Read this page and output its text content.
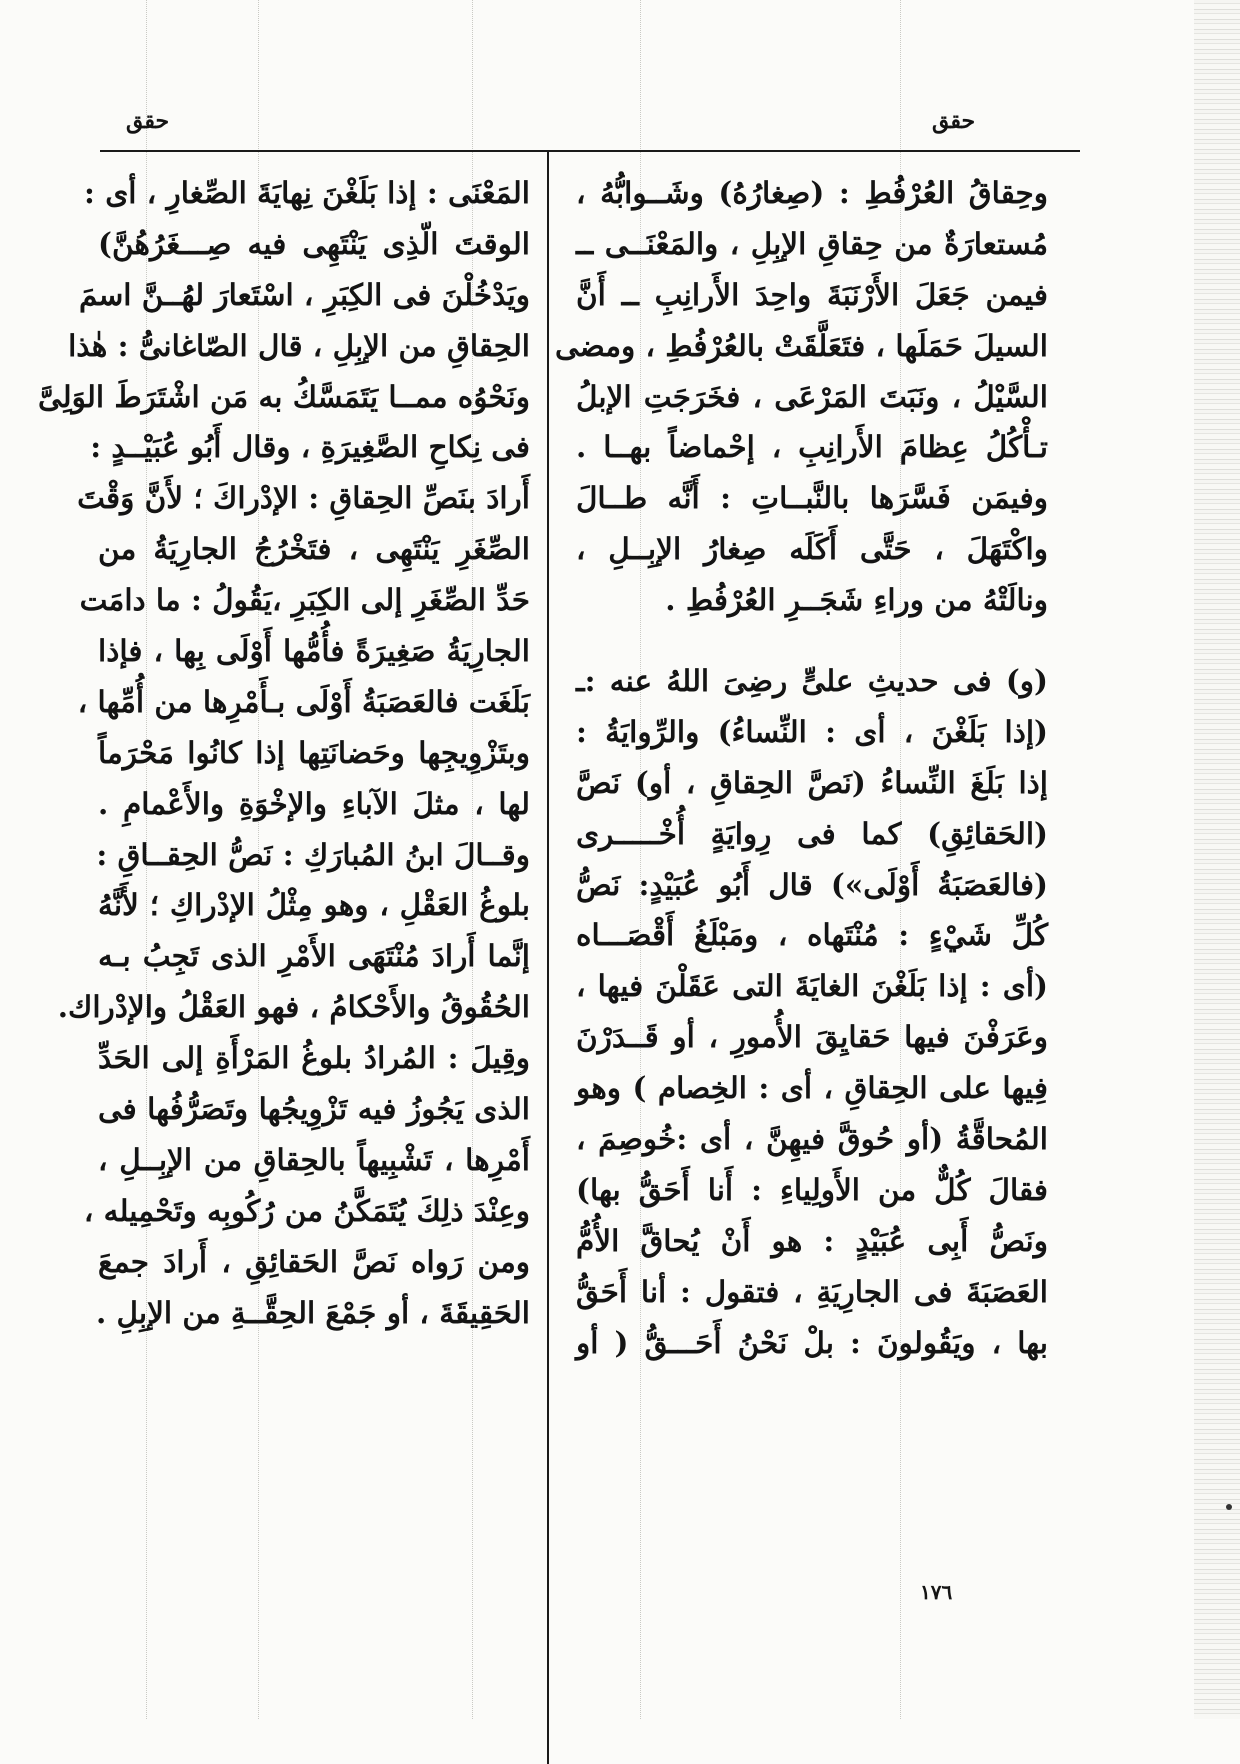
حقق
حقق
وحِقاقُ العُرْفُطِ : (صِغارُهُ) وشَــوابُّهُ ،
مُستعارَةٌ من حِقاقِ الإبِلِ ، والمَعْنَــى ــ
فيمن جَعَلَ الأَرْنَبَةَ واحِدَ الأَرانِبِ ــ أَنَّ
السيلَ حَمَلَها ، فتَعَلَّقَتْ بالعُرْفُطِ ، ومضى
السَّيْلُ ، ونَبَتَ المَرْعَى ، فخَرَجَتِ الإبلُ
تـأْكُلُ عِظامَ الأَرانِبِ ، إحْماضاً بهــا .
وفيمَن فَسَّرَها بالنَّبــاتِ : أَنَّه طــالَ
واكْتَهَلَ ، حَتَّى أَكَلَه صِغارُ الإبِــلِ ،
ونالَتْهُ من وراءِ شَجَــرِ العُرْفُطِ .
(و) فى حديثِ علىٍّ رضِىَ اللهُ عنه :ـ
(إذا بَلَغْنَ ، أى : النِّساءُ) والرِّوايَةُ :
إذا بَلَغَ النِّساءُ (نَصَّ الحِقاقِ ، أو) نَصَّ
(الحَقائِقِ) كما فى رِوايَةٍ أُخْـــــرى
(فالعَصَبَةُ أَوْلَى») قال أَبُو عُبَيْدٍ: نَصُّ
كُلِّ شَيْءٍ : مُنْتَهاه ، ومَبْلَغُ أَقْصَـــاه
(أى : إذا بَلَغْنَ الغايَةَ التى عَقَلْنَ فيها ،
وعَرَفْنَ فيها حَقايِقَ الأُمورِ ، أو قَــدَرْنَ
فِيها على الحِقاقِ ، أى : الخِصام ) وهو
المُحاقَّةُ (أو حُوقَّ فيهِنَّ ، أى :خُوصِمَ ،
فقالَ كُلٌّ من الأَولِياءِ : أَنا أَحَقُّ بها)
ونَصُّ أَبِى عُبَيْدٍ : هو أَنْ يُحاقَّ الأُمُّ
العَصَبَةَ فى الجارِيَةِ ، فتقول : أنا أَحَقُّ
بها ، ويَقُولونَ : بلْ نَحْنُ أَحَـــقُّ ( أو
المَعْنَى : إذا بَلَغْنَ نِهايَةَ الصِّغارِ ، أى :
الوقتَ الّذِى يَنْتَهِى فيه صِـــغَرُهُنَّ)
ويَدْخُلْنَ فى الكِبَرِ ، اسْتَعارَ لهُــنَّ اسمَ
الحِقاقِ من الإبِلِ ، قال الصّاغانىُّ : هٰذا
ونَحْوُه ممــا يَتَمَسَّكُ به مَن اشْتَرَطَ الوَلِىَّ
فى نِكاحِ الصَّغِيرَةِ ، وقال أَبُو عُبَيْــدٍ :
أَرادَ بنَصِّ الحِقاقِ : الإدْراكَ ؛ لأَنَّ وَقْتَ
الصِّغَرِ يَنْتَهِى ، فتَخْرُجُ الجارِيَةُ من
حَدِّ الصِّغَرِ إلى الكِبَرِ ،يَقُولُ : ما دامَت
الجارِيَةُ صَغِيرَةً فأُمُّها أَوْلَى بِها ، فإذا
بَلَغَت فالعَصَبَةُ أَوْلَى بـأَمْرِها من أُمِّها ،
وبتَزْوِيجِها وحَضانَتِها إذا كانُوا مَحْرَماً
لها ، مثلَ الآباءِ والإخْوَةِ والأَعْمامِ .
وقــالَ ابنُ المُبارَكِ : نَصُّ الحِقــاقِ :
بلوغُ العَقْلِ ، وهو مِثْلُ الإدْراكِ ؛ لأَنَّهُ
إنَّما أَرادَ مُنْتَهَى الأَمْرِ الذى تَجِبُ بـه
الحُقُوقُ والأَحْكامُ ، فهو العَقْلُ والإدْراك.
وقِيلَ : المُرادُ بلوغُ المَرْأَةِ إلى الحَدِّ
الذى يَجُوزُ فيه تَزْوِيجُها وتَصَرُّفُها فى
أَمْرِها ، تَشْبِيهاً بالحِقاقِ من الإبِــلِ ،
وعِنْدَ ذلِكَ يُتَمَكَّنُ من رُكُوبِه وتَحْمِيله ،
ومن رَواه نَصَّ الحَقائِقِ ، أَرادَ جمعَ
الحَقِيقَةَ ، أو جَمْعَ الحِقَّــةِ من الإبِلِ .
١٧٦
